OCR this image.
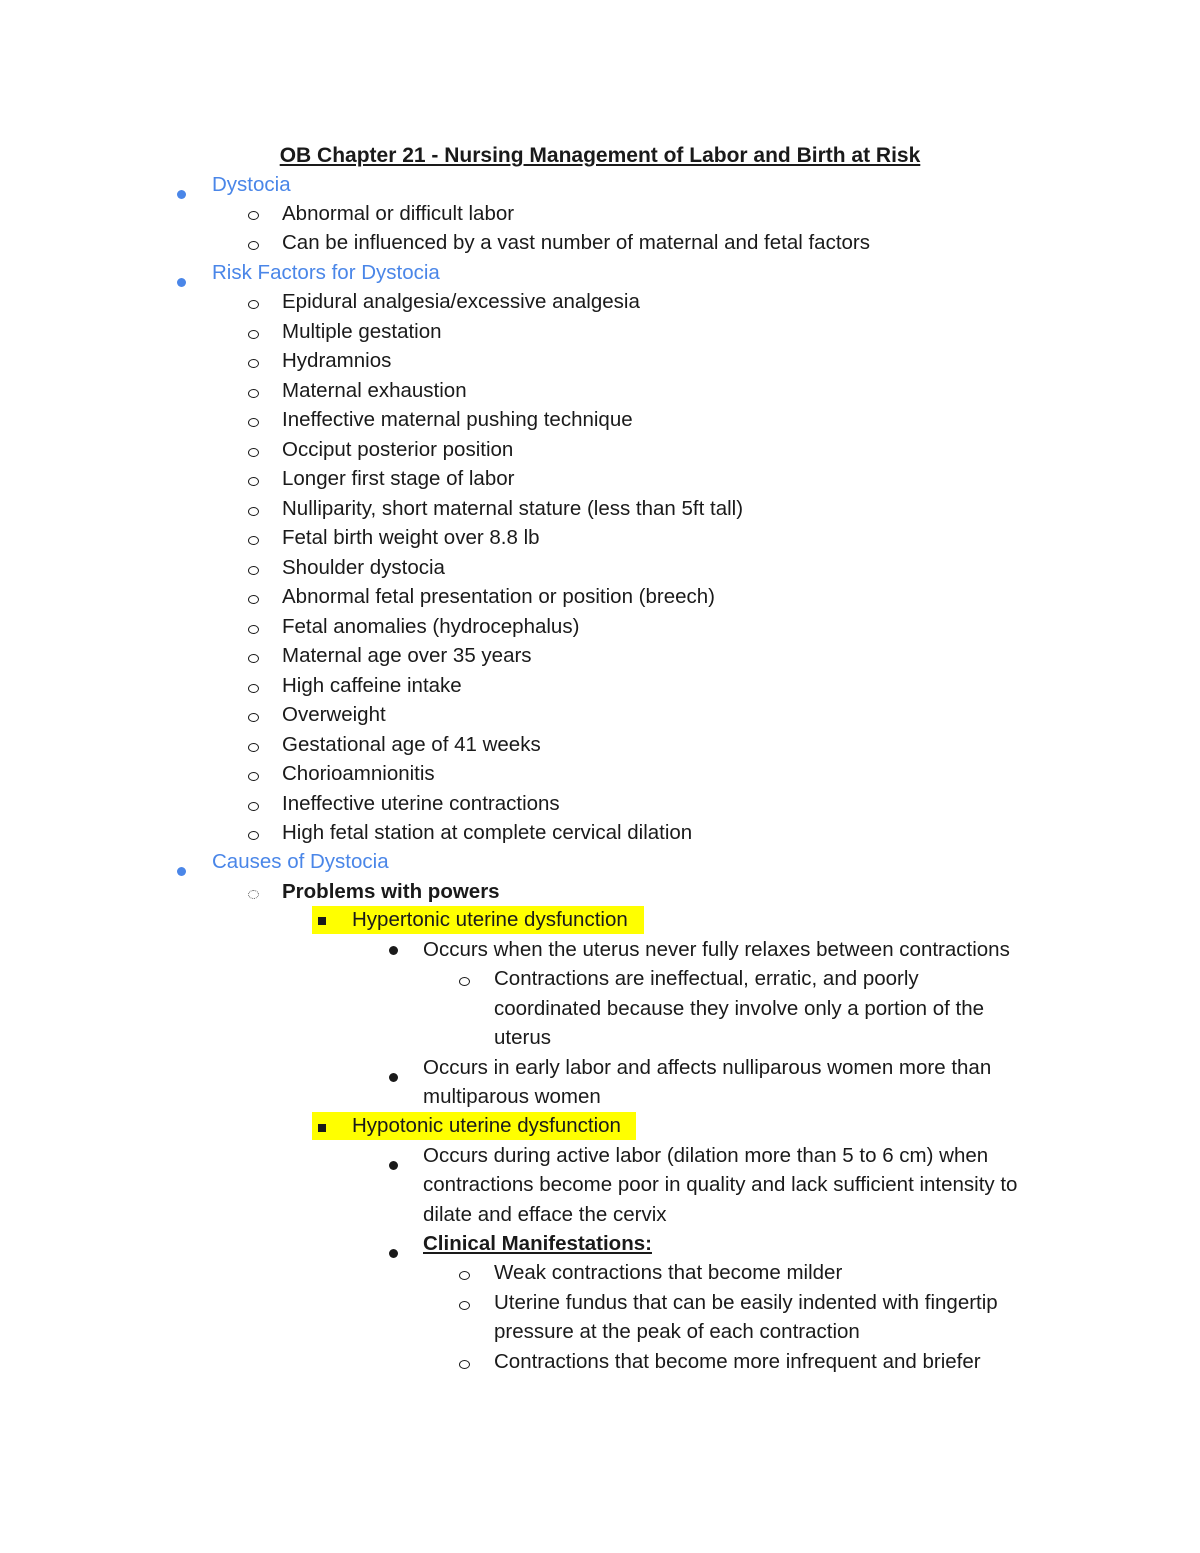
OB Chapter 21 - Nursing Management of Labor and Birth at Risk
Dystocia
Abnormal or difficult labor
Can be influenced by a vast number of maternal and fetal factors
Risk Factors for Dystocia
Epidural analgesia/excessive analgesia
Multiple gestation
Hydramnios
Maternal exhaustion
Ineffective maternal pushing technique
Occiput posterior position
Longer first stage of labor
Nulliparity, short maternal stature (less than 5ft tall)
Fetal birth weight over 8.8 lb
Shoulder dystocia
Abnormal fetal presentation or position (breech)
Fetal anomalies (hydrocephalus)
Maternal age over 35 years
High caffeine intake
Overweight
Gestational age of 41 weeks
Chorioamnionitis
Ineffective uterine contractions
High fetal station at complete cervical dilation
Causes of Dystocia
Problems with powers
Hypertonic uterine dysfunction
Occurs when the uterus never fully relaxes between contractions
Contractions are ineffectual, erratic, and poorly
coordinated because they involve only a portion of the
uterus
Occurs in early labor and affects nulliparous women more than
multiparous women
Hypotonic uterine dysfunction
Occurs during active labor (dilation more than 5 to 6 cm) when
contractions become poor in quality and lack sufficient intensity to
dilate and efface the cervix
Clinical Manifestations:
Weak contractions that become milder
Uterine fundus that can be easily indented with fingertip
pressure at the peak of each contraction
Contractions that become more infrequent and briefer
